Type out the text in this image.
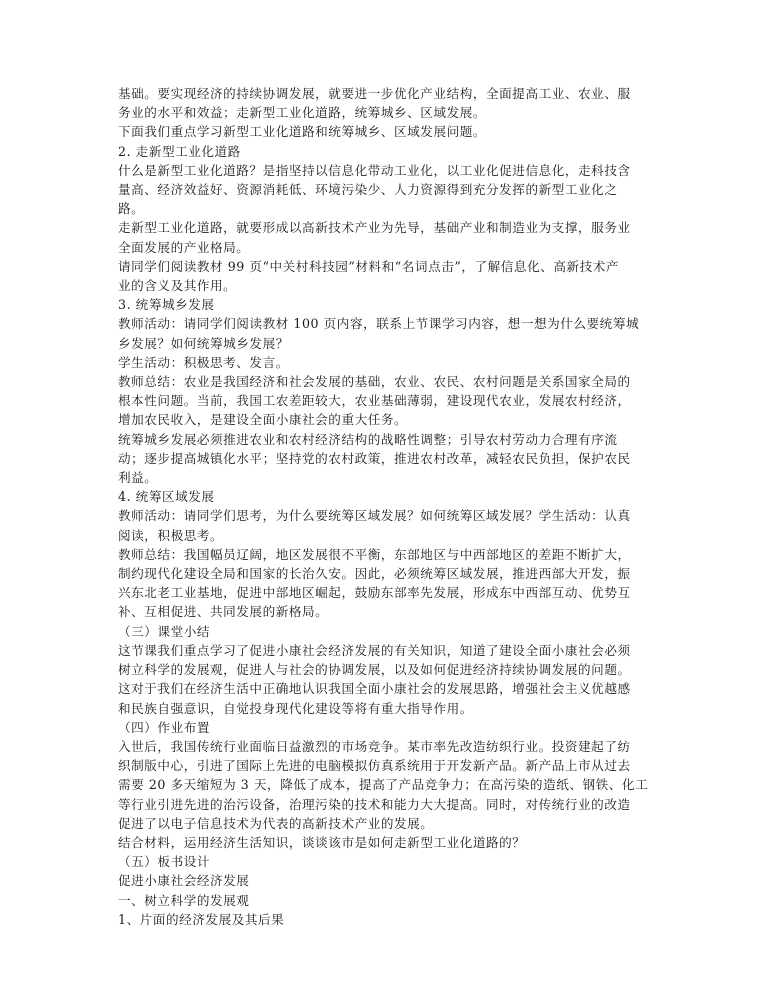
基础。要实现经济的持续协调发展，就要进一步优化产业结构，全面提高工业、农业、服
务业的水平和效益；走新型工业化道路，统筹城乡、区域发展。
下面我们重点学习新型工业化道路和统筹城乡、区域发展问题。
2. 走新型工业化道路
什么是新型工业化道路？是指坚持以信息化带动工业化，以工业化促进信息化，走科技含
量高、经济效益好、资源消耗低、环境污染少、人力资源得到充分发挥的新型工业化之
路。
走新型工业化道路，就要形成以高新技术产业为先导，基础产业和制造业为支撑，服务业
全面发展的产业格局。
请同学们阅读教材 99 页“中关村科技园”材料和“名词点击”，了解信息化、高新技术产
业的含义及其作用。
3. 统筹城乡发展
教师活动：请同学们阅读教材 100 页内容，联系上节课学习内容，想一想为什么要统筹城
乡发展？如何统筹城乡发展？
学生活动：积极思考、发言。
教师总结：农业是我国经济和社会发展的基础，农业、农民、农村问题是关系国家全局的
根本性问题。当前，我国工农差距较大，农业基础薄弱，建设现代农业，发展农村经济，
增加农民收入，是建设全面小康社会的重大任务。
统筹城乡发展必须推进农业和农村经济结构的战略性调整；引导农村劳动力合理有序流
动；逐步提高城镇化水平；坚持党的农村政策，推进农村改革，减轻农民负担，保护农民
利益。
4. 统筹区域发展
教师活动：请同学们思考，为什么要统筹区域发展？如何统筹区域发展？学生活动：认真
阅读，积极思考。
教师总结：我国幅员辽阔，地区发展很不平衡，东部地区与中西部地区的差距不断扩大，
制约现代化建设全局和国家的长治久安。因此，必须统筹区域发展，推进西部大开发，振
兴东北老工业基地，促进中部地区崛起，鼓励东部率先发展，形成东中西部互动、优势互
补、互相促进、共同发展的新格局。
（三）课堂小结
这节课我们重点学习了促进小康社会经济发展的有关知识，知道了建设全面小康社会必须
树立科学的发展观，促进人与社会的协调发展，以及如何促进经济持续协调发展的问题。
这对于我们在经济生活中正确地认识我国全面小康社会的发展思路，增强社会主义优越感
和民族自强意识，自觉投身现代化建设等将有重大指导作用。
（四）作业布置
入世后，我国传统行业面临日益激烈的市场竞争。某市率先改造纺织行业。投资建起了纺
织制版中心，引进了国际上先进的电脑模拟仿真系统用于开发新产品。新产品上市从过去
需要 20 多天缩短为 3 天，降低了成本，提高了产品竞争力；在高污染的造纸、钢铁、化工
等行业引进先进的治污设备，治理污染的技术和能力大大提高。同时，对传统行业的改造
促进了以电子信息技术为代表的高新技术产业的发展。
结合材料，运用经济生活知识，谈谈该市是如何走新型工业化道路的？
（五）板书设计
促进小康社会经济发展
一、树立科学的发展观
1、片面的经济发展及其后果
